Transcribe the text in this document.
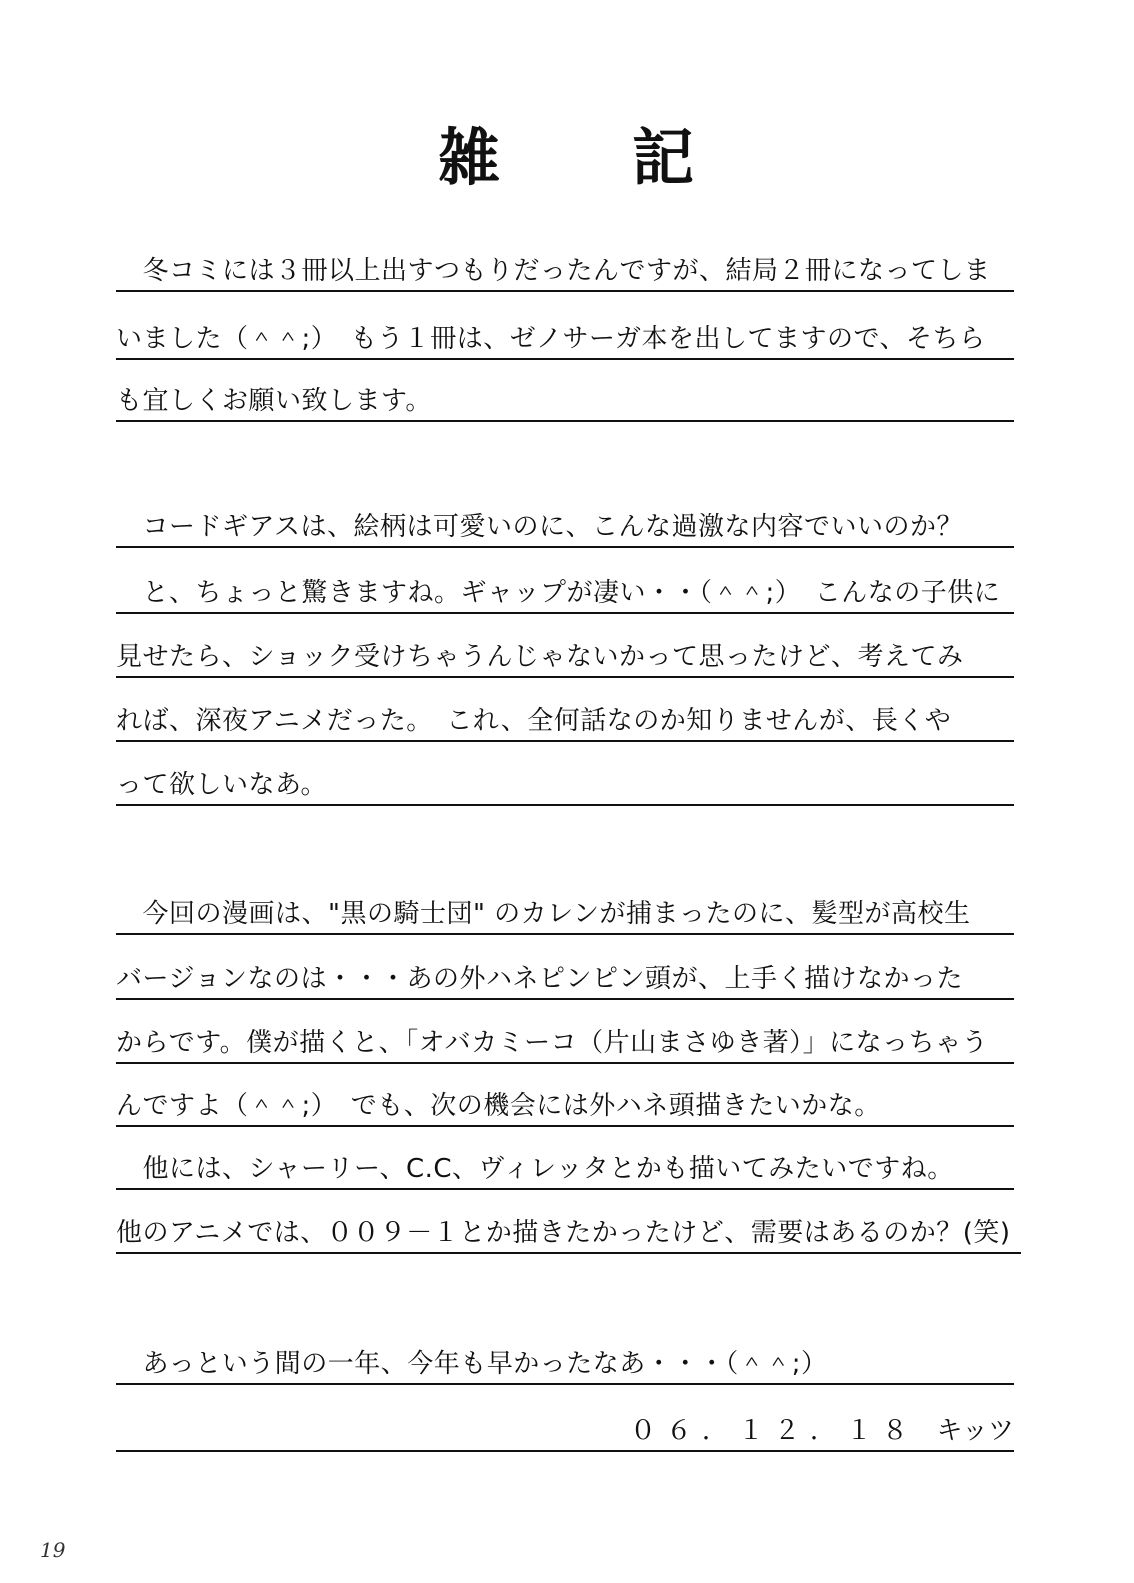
雑 記
　冬コミには３冊以上出すつもりだったんですが、結局２冊になってしま
いました（＾＾;）　もう１冊は、ゼノサーガ本を出してますので、そちら
も宜しくお願い致します。
　コードギアスは、絵柄は可愛いのに、こんな過激な内容でいいのか？
　と、ちょっと驚きますね。ギャップが凄い・・（＾＾;）　こんなの子供に
見せたら、ショック受けちゃうんじゃないかって思ったけど、考えてみ
れば、深夜アニメだった。　これ、全何話なのか知りませんが、長くや
って欲しいなあ。
　今回の漫画は、"黒の騎士団" のカレンが捕まったのに、髪型が高校生
バージョンなのは・・・あの外ハネピンピン頭が、上手く描けなかった
からです。僕が描くと、「オバカミーコ（片山まさゆき著）」になっちゃう
んですよ（＾＾;）　でも、次の機会には外ハネ頭描きたいかな。
　他には、シャーリー、C.C、ヴィレッタとかも描いてみたいですね。
他のアニメでは、００９－１とか描きたかったけど、需要はあるのか？(笑)
　あっという間の一年、今年も早かったなあ・・・（＾＾;）
０６．１２．１８ キッツ
19
